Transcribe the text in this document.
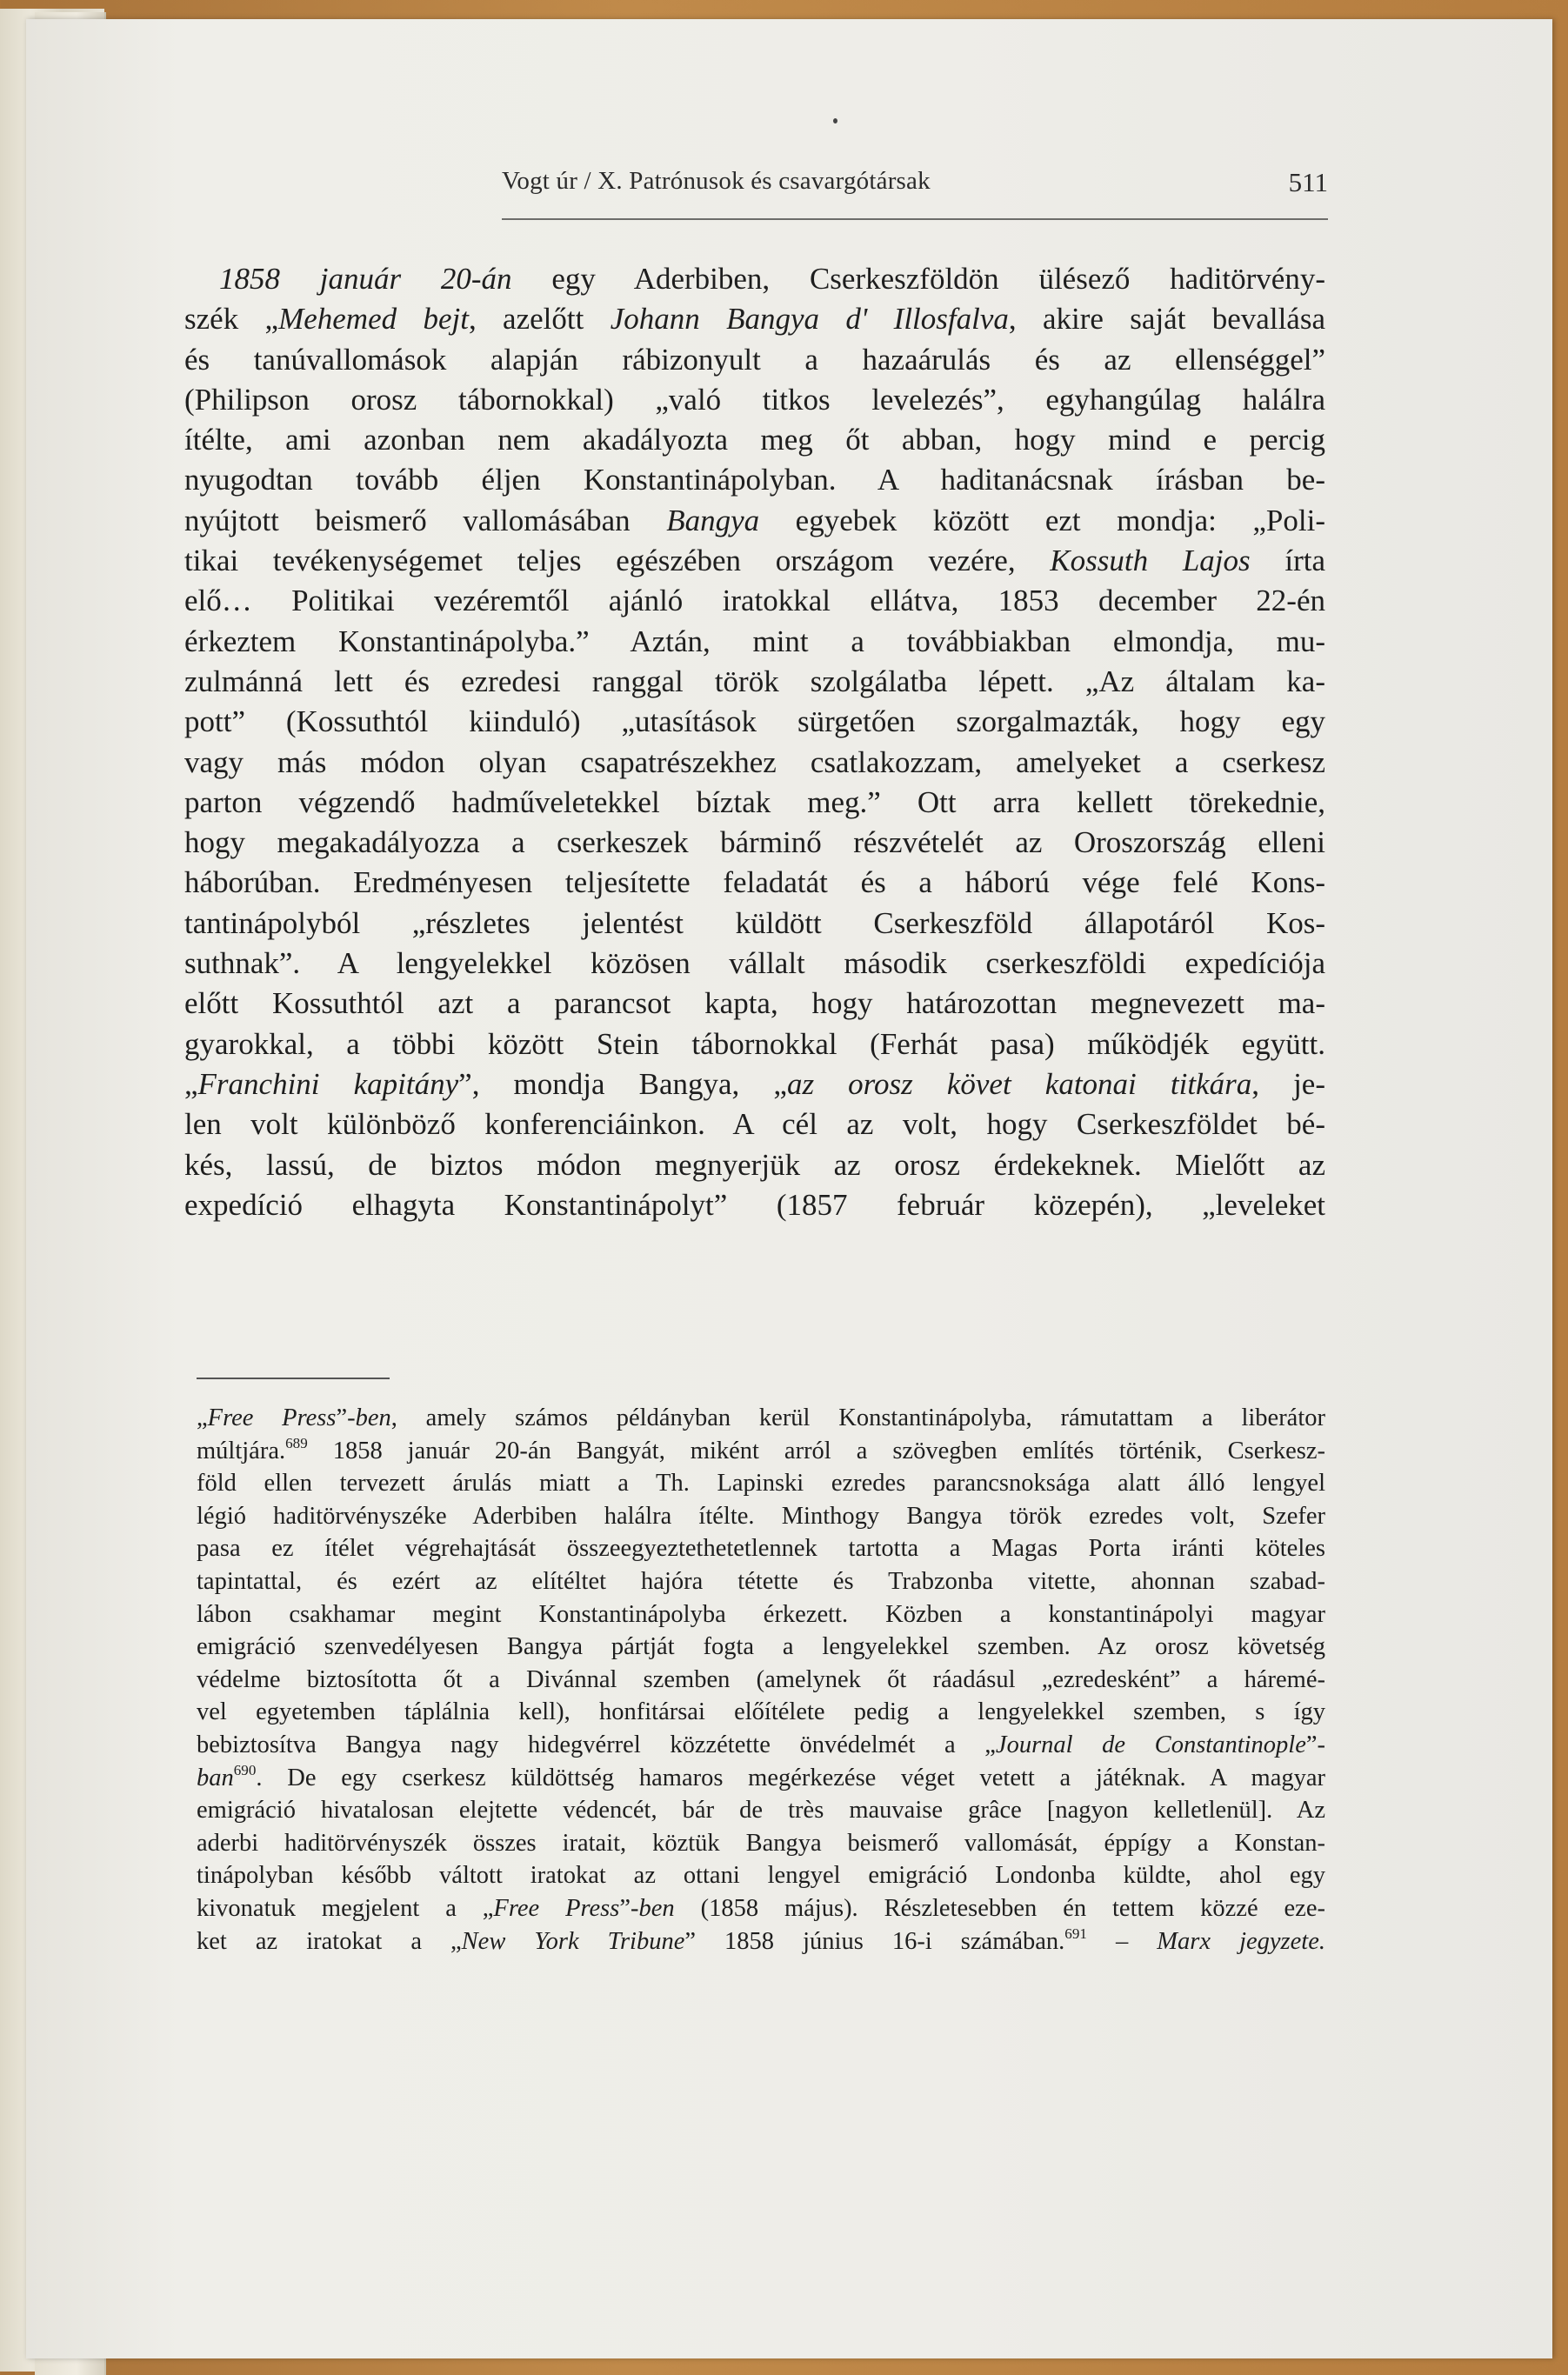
Vogt úr / X. Patrónusok és csavargótársak	511
1858 január 20-án egy Aderbiben, Cserkeszföldön ülésező haditörvény-
szék „Mehemed bejt, azelőtt Johann Bangya d' Illosfalva, akire saját bevallása
és tanúvallomások alapján rábizonyult a hazaárulás és az ellenséggel”
(Philipson orosz tábornokkal) „való titkos levelezés”, egyhangúlag halálra
ítélte, ami azonban nem akadályozta meg őt abban, hogy mind e percig
nyugodtan tovább éljen Konstantinápolyban. A haditanácsnak írásban be-
nyújtott beismerő vallomásában Bangya egyebek között ezt mondja: „Poli-
tikai tevékenységemet teljes egészében országom vezére, Kossuth Lajos írta
elő… Politikai vezéremtől ajánló iratokkal ellátva, 1853 december 22-én
érkeztem Konstantinápolyba.” Aztán, mint a továbbiakban elmondja, mu-
zulmánná lett és ezredesi ranggal török szolgálatba lépett. „Az általam ka-
pott” (Kossuthtól kiinduló) „utasítások sürgetően szorgalmazták, hogy egy
vagy más módon olyan csapatrészekhez csatlakozzam, amelyeket a cserkesz
parton végzendő hadműveletekkel bíztak meg.” Ott arra kellett törekednie,
hogy megakadályozza a cserkeszek bárminő részvételét az Oroszország elleni
háborúban. Eredményesen teljesítette feladatát és a háború vége felé Kons-
tantinápolyból „részletes jelentést küldött Cserkeszföld állapotáról Kos-
suthnak”. A lengyelekkel közösen vállalt második cserkeszföldi expedíciója
előtt Kossuthtól azt a parancsot kapta, hogy határozottan megnevezett ma-
gyarokkal, a többi között Stein tábornokkal (Ferhát pasa) működjék együtt.
„Franchini kapitány”, mondja Bangya, „az orosz követ katonai titkára, je-
len volt különböző konferenciáinkon. A cél az volt, hogy Cserkeszföldet bé-
kés, lassú, de biztos módon megnyerjük az orosz érdekeknek. Mielőtt az
expedíció elhagyta Konstantinápolyt” (1857 február közepén), „leveleket
„Free Press”-ben, amely számos példányban kerül Konstantinápolyba, rámutattam a liberátor
múltjára.$^{689}$ 1858 január 20-án Bangyát, miként arról a szövegben említés történik, Cserkesz-
föld ellen tervezett árulás miatt a Th. Lapinski ezredes parancsnoksága alatt álló lengyel
légió haditörvényszéke Aderbiben halálra ítélte. Minthogy Bangya török ezredes volt, Szefer
pasa ez ítélet végrehajtását összeegyeztethetetlennek tartotta a Magas Porta iránti köteles
tapintattal, és ezért az elítéltet hajóra tétette és Trabzonba vitette, ahonnan szabad-
lábon csakhamar megint Konstantinápolyba érkezett. Közben a konstantinápolyi magyar
emigráció szenvedélyesen Bangya pártját fogta a lengyelekkel szemben. Az orosz követség
védelme biztosította őt a Divánnal szemben (amelynek őt ráadásul „ezredesként” a háremé-
vel egyetemben táplálnia kell), honfitársai előítélete pedig a lengyelekkel szemben, s így
bebiztosítva Bangya nagy hidegvérrel közzétette önvédelmét a „Journal de Constantinople”-
ban$^{690}$. De egy cserkesz küldöttség hamaros megérkezése véget vetett a játéknak. A magyar
emigráció hivatalosan elejtette védencét, bár de très mauvaise grâce [nagyon kelletlenül]. Az
aderbi haditörvényszék összes iratait, köztük Bangya beismerő vallomását, éppígy a Konstan-
tinápolyban később váltott iratokat az ottani lengyel emigráció Londonba küldte, ahol egy
kivonatuk megjelent a „Free Press”-ben (1858 május). Részletesebben én tettem közzé eze-
ket az iratokat a „New York Tribune” 1858 június 16-i számában.$^{691}$ – Marx jegyzete.
